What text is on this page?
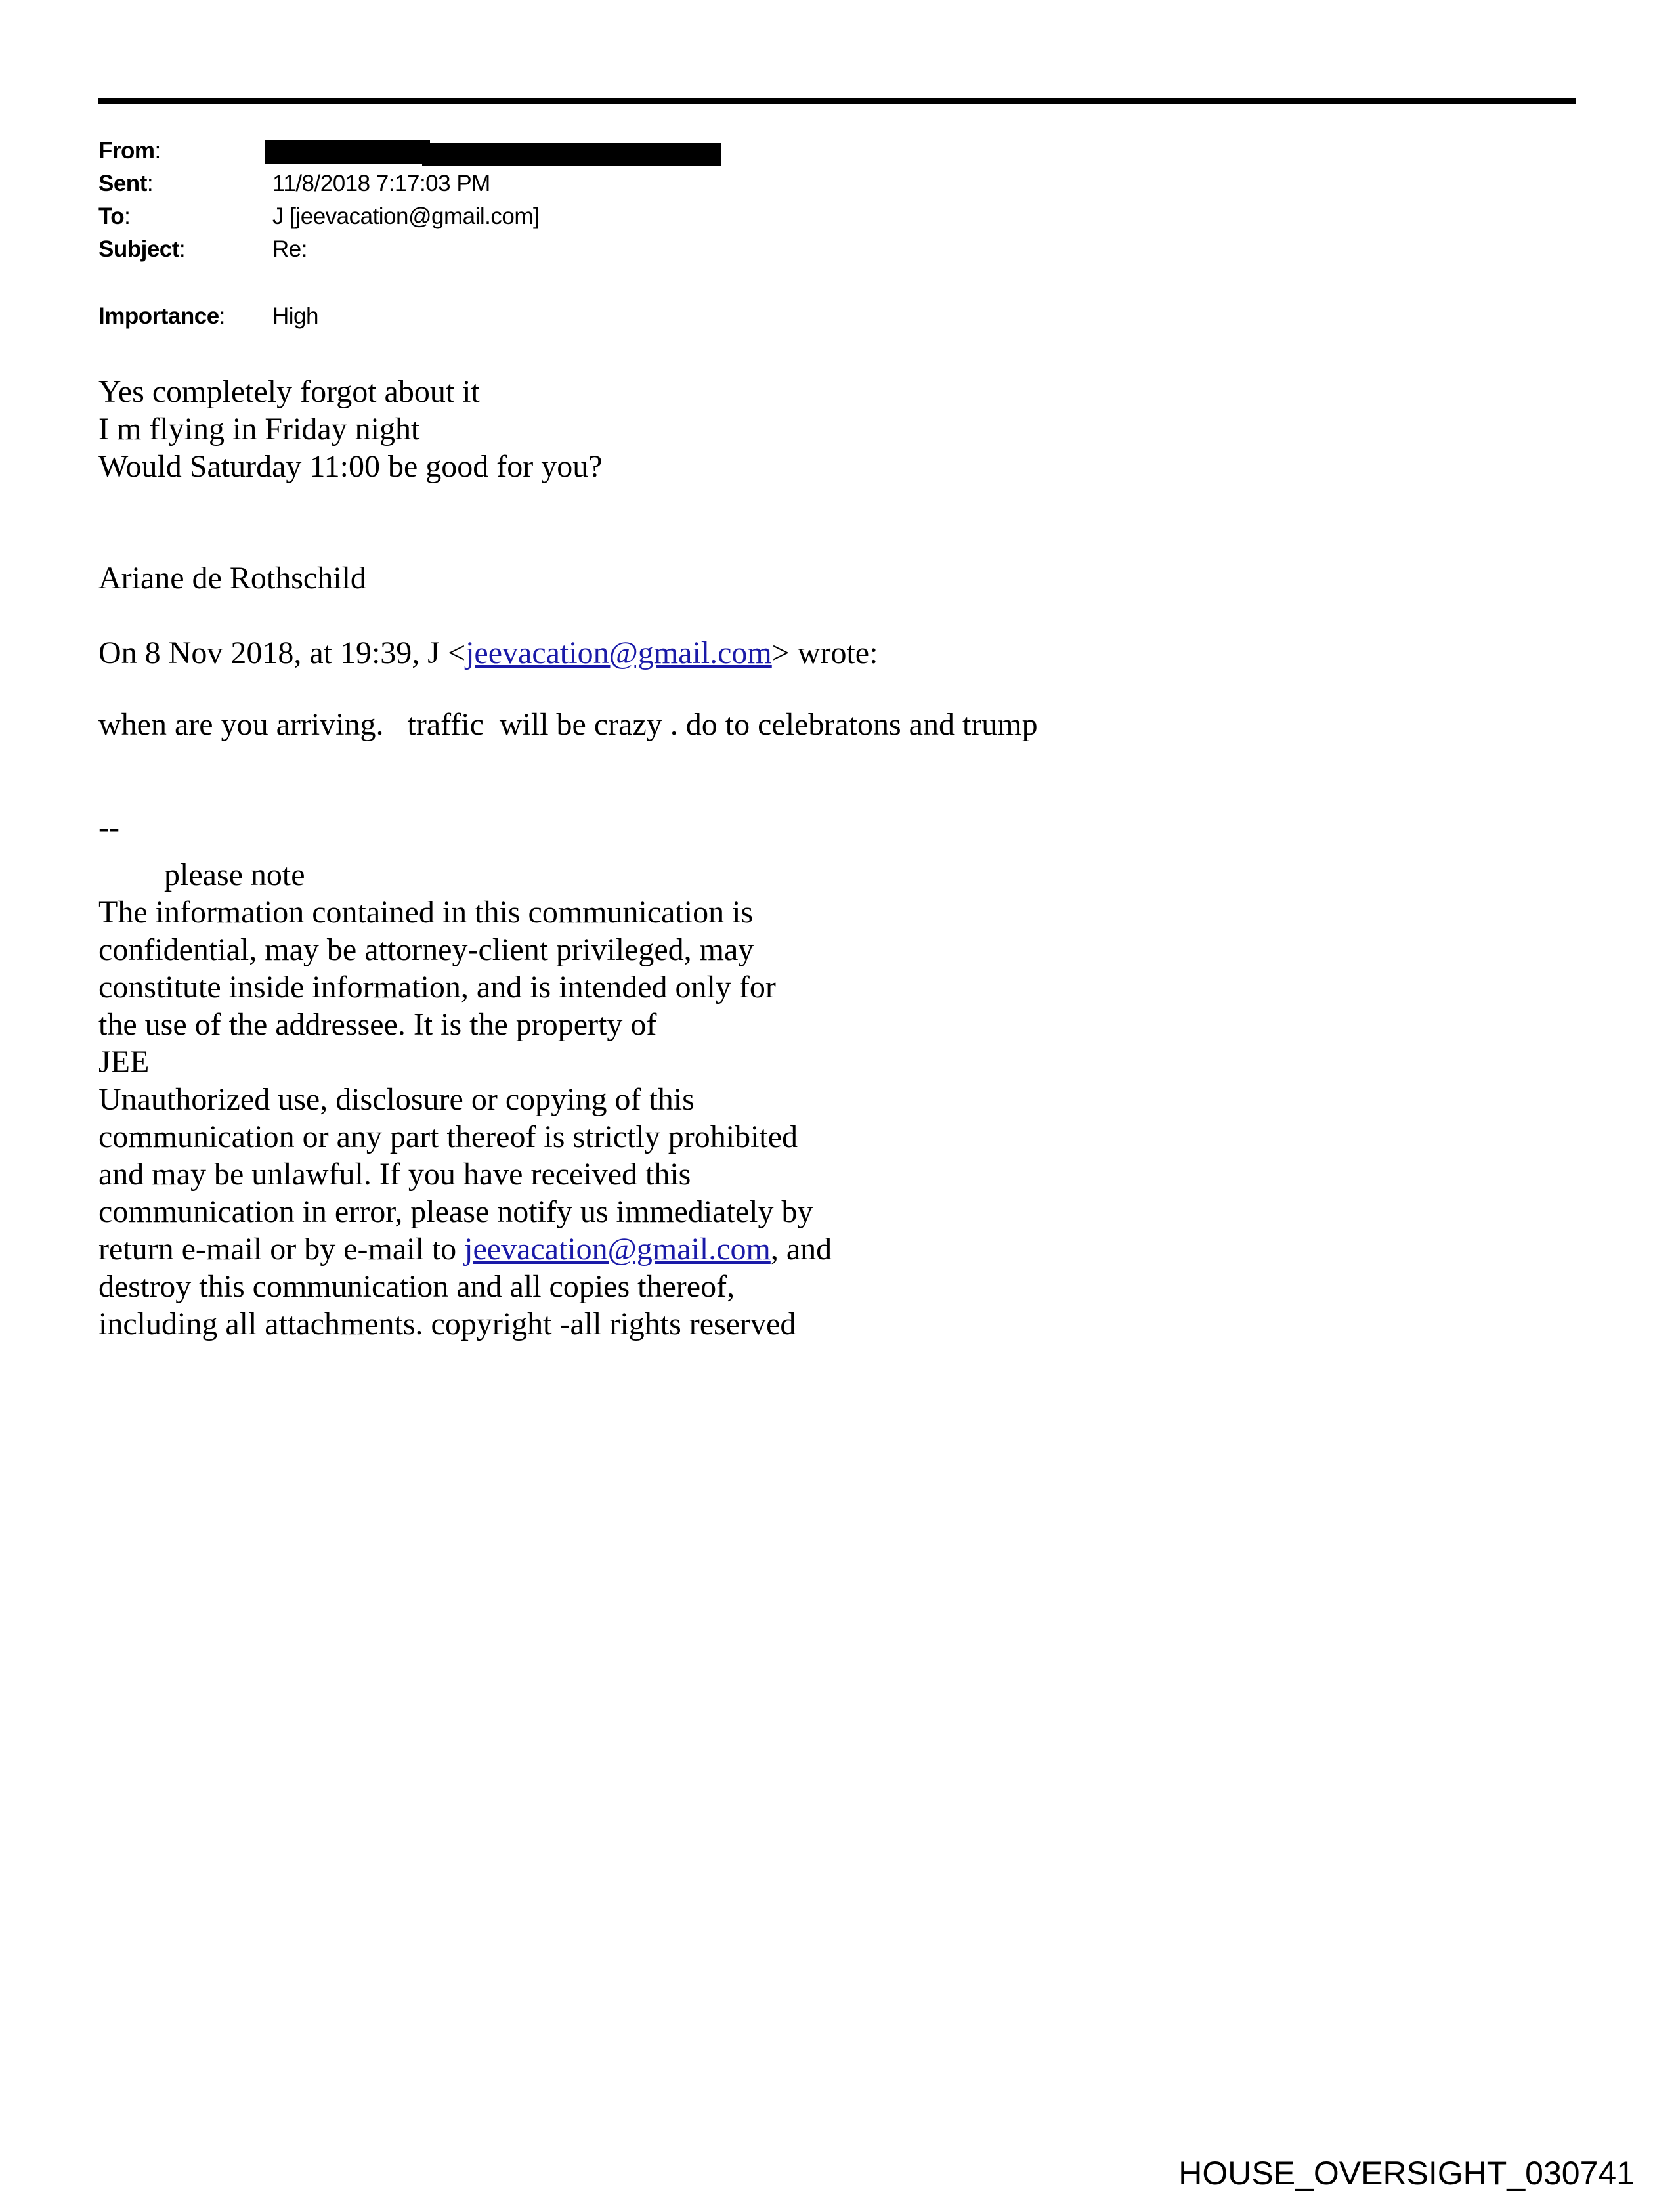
From:
Sent:	11/8/2018 7:17:03 PM
To:	J [jeevacation@gmail.com]
Subject:	Re:
Importance: High
Yes completely forgot about it
I m flying in Friday night
Would Saturday 11:00 be good for you?
Ariane de Rothschild
On 8 Nov 2018, at 19:39, J <jeevacation@gmail.com> wrote:
when are you arriving.   traffic  will be crazy . do to celebratons and trump
--
please note
The information contained in this communication is
confidential, may be attorney-client privileged, may
constitute inside information, and is intended only for
the use of the addressee. It is the property of
JEE
Unauthorized use, disclosure or copying of this
communication or any part thereof is strictly prohibited
and may be unlawful. If you have received this
communication in error, please notify us immediately by
return e-mail or by e-mail to jeevacation@gmail.com, and
destroy this communication and all copies thereof,
including all attachments. copyright -all rights reserved
HOUSE_OVERSIGHT_030741
